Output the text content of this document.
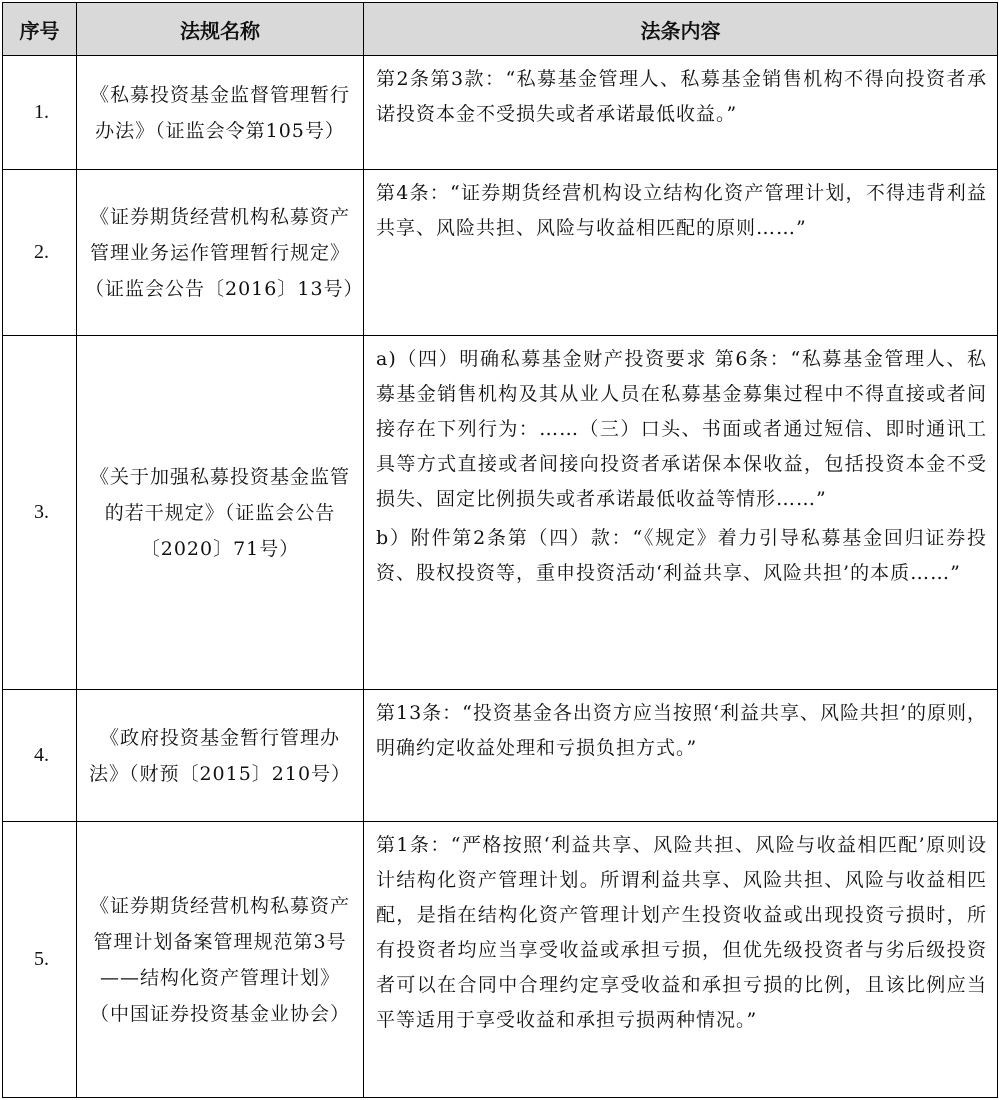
序号	法规名称	法条内容
1.	《私募投资基金监督管理暂行办法》（证监会令第105号）	第2条第3款：“私募基金管理人、私募基金销售机构不得向投资者承诺投资本金不受损失或者承诺最低收益。”

2.	《证券期货经营机构私募资产管理业务运作管理暂行规定》（证监会公告〔2016〕13号）	第4条：“证券期货经营机构设立结构化资产管理计划，不得违背利益共享、风险共担、风险与收益相匹配的原则……”

3.	《关于加强私募投资基金监管的若干规定》（证监会公告〔2020〕71号）	a)（四）明确私募基金财产投资要求 第6条：“私募基金管理人、私募基金销售机构及其从业人员在私募基金募集过程中不得直接或者间接存在下列行为：……（三）口头、书面或者通过短信、即时通讯工具等方式直接或者间接向投资者承诺保本保收益，包括投资本金不受损失、固定比例损失或者承诺最低收益等情形……”

b）附件第2条第（四）款：“《规定》着力引导私募基金回归证券投资、股权投资等，重申投资活动‘利益共享、风险共担’的本质……”

4.	《政府投资基金暂行管理办法》（财预〔2015〕210号）	第13条：“投资基金各出资方应当按照‘利益共享、风险共担’的原则，明确约定收益处理和亏损负担方式。”

5.	《证券期货经营机构私募资产管理计划备案管理规范第3号——结构化资产管理计划》（中国证券投资基金业协会）	第1条：“严格按照‘利益共享、风险共担、风险与收益相匹配’原则设计结构化资产管理计划。所谓利益共享、风险共担、风险与收益相匹配，是指在结构化资产管理计划产生投资收益或出现投资亏损时，所有投资者均应当享受收益或承担亏损，但优先级投资者与劣后级投资者可以在合同中合理约定享受收益和承担亏损的比例，且该比例应当平等适用于享受收益和承担亏损两种情况。”
